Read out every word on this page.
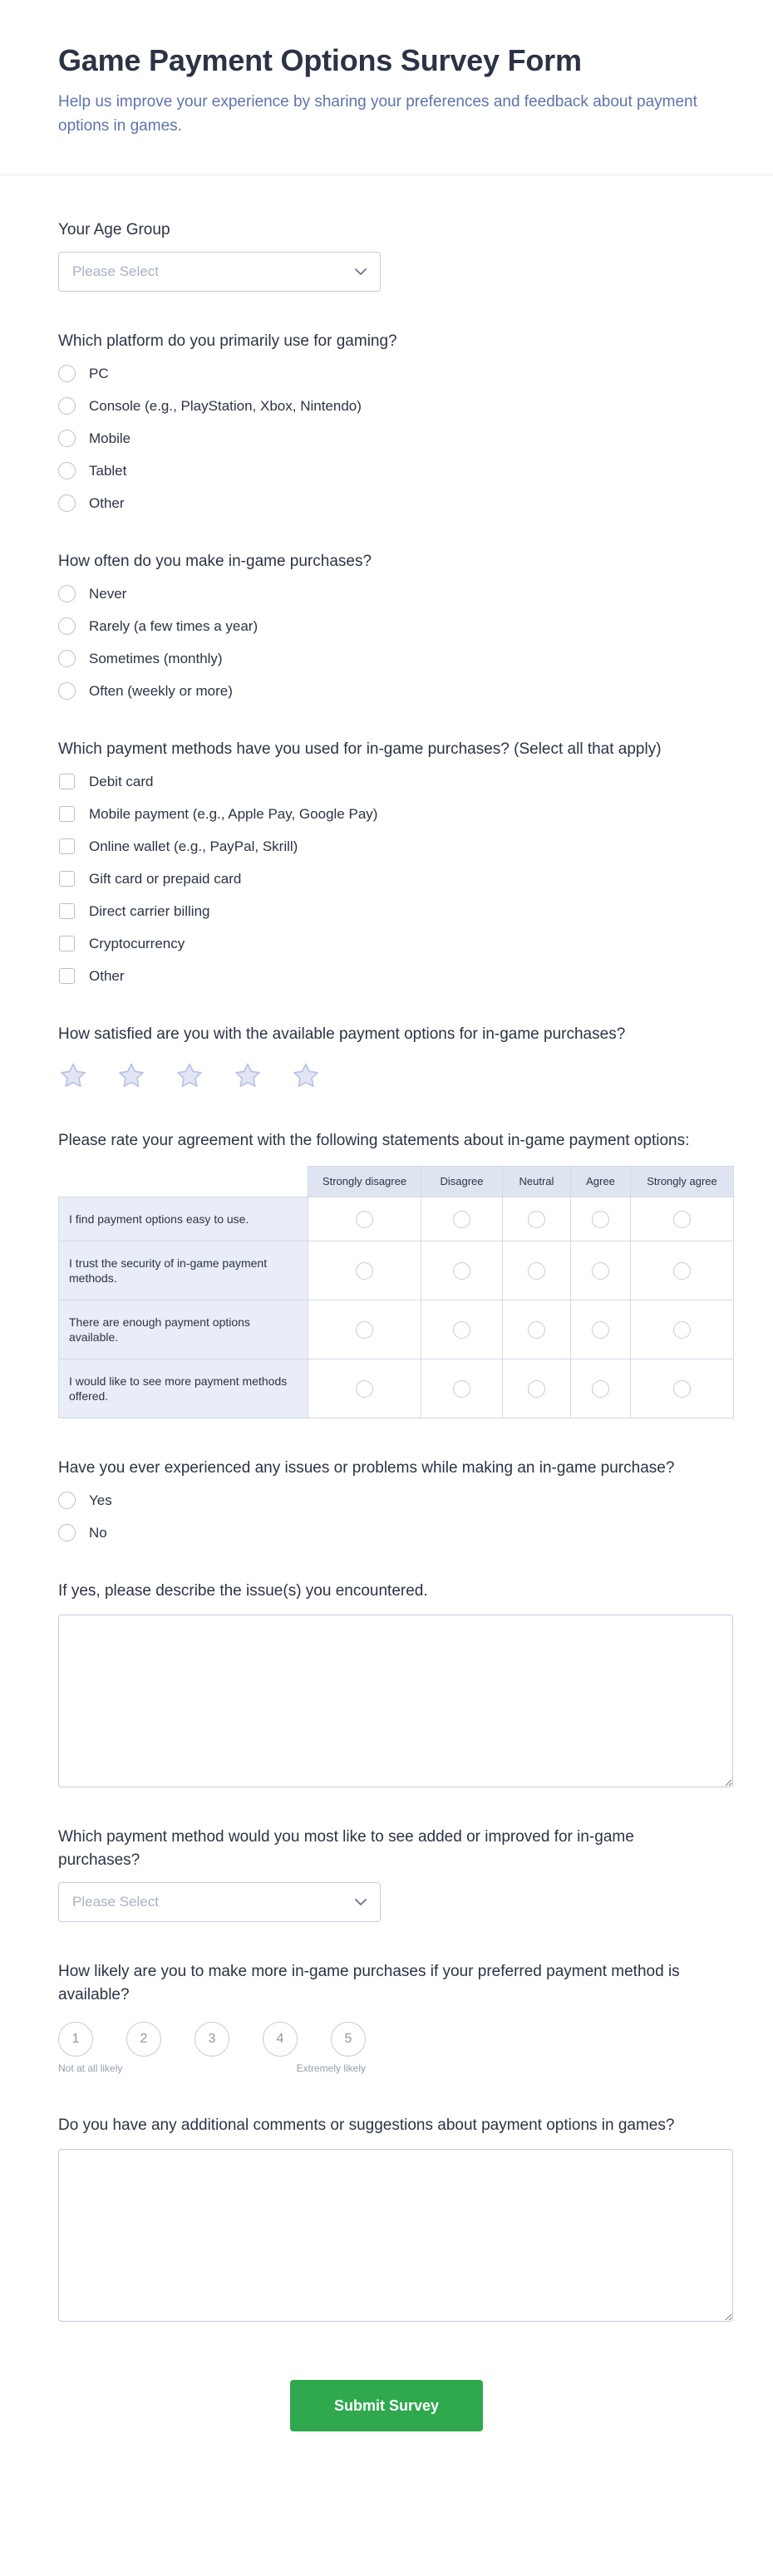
Game Payment Options Survey Form

Help us improve your experience by sharing your preferences and feedback about payment options in games.

Your Age Group
Please Select
Which platform do you primarily use for gaming?
PC
Console (e.g., PlayStation, Xbox, Nintendo)
Mobile
Tablet
Other
How often do you make in-game purchases?
Never
Rarely (a few times a year)
Sometimes (monthly)
Often (weekly or more)
Which payment methods have you used for in-game purchases? (Select all that apply)
Debit card
Mobile payment (e.g., Apple Pay, Google Pay)
Online wallet (e.g., PayPal, Skrill)
Gift card or prepaid card
Direct carrier billing
Cryptocurrency
Other
How satisfied are you with the available payment options for in-game purchases?
Please rate your agreement with the following statements about in-game payment options:
	Strongly disagree	Disagree	Neutral	Agree	Strongly agree
I find payment options easy to use.					
I trust the security of in-game payment methods.					
There are enough payment options available.					
I would like to see more payment methods offered.					
Have you ever experienced any issues or problems while making an in-game purchase?
Yes
No
If yes, please describe the issue(s) you encountered.
Which payment method would you most like to see added or improved for in-game purchases?
Please Select
How likely are you to make more in-game purchases if your preferred payment method is available?
1	2	3	4	5
Not at all likely	Extremely likely
Do you have any additional comments or suggestions about payment options in games?
Submit Survey
